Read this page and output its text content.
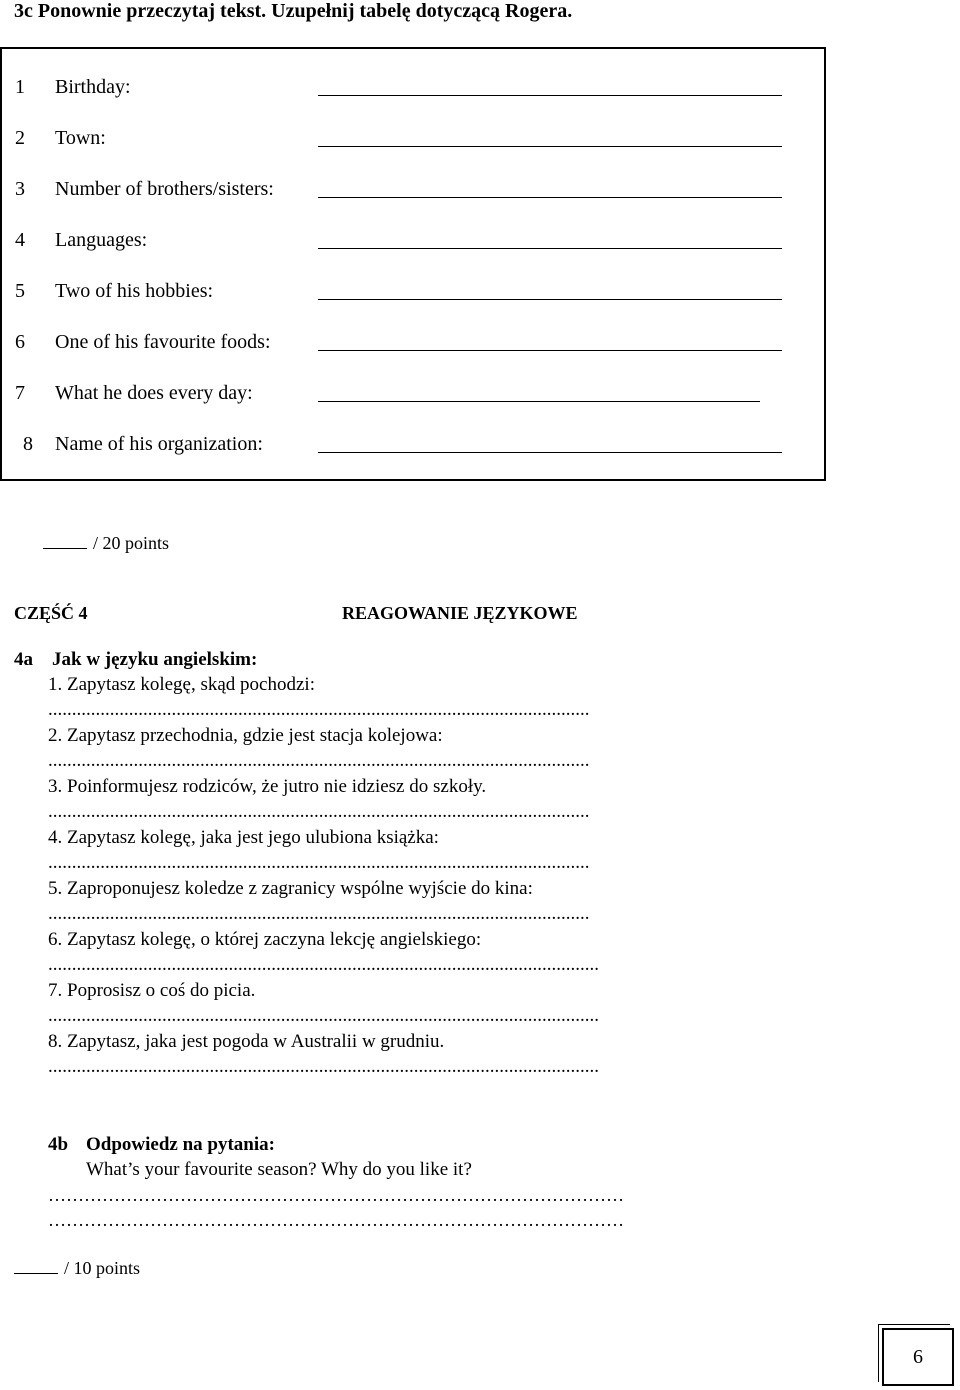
3c Ponownie przeczytaj tekst. Uzupełnij tabelę dotyczącą Rogera.
1 Birthday:
2 Town:
3 Number of brothers/sisters:
4 Languages:
5 Two of his hobbies:
6 One of his favourite foods:
7 What he does every day:
8 Name of his organization:
/ 20 points
CZĘŚĆ 4	REAGOWANIE JĘZYKOWE
4a Jak w języku angielskim:
1. Zapytasz kolegę, skąd pochodzi:
..................................................................................................................
2. Zapytasz przechodnia, gdzie jest stacja kolejowa:
..................................................................................................................
3. Poinformujesz rodziców, że jutro nie idziesz do szkoły.
..................................................................................................................
4. Zapytasz kolegę, jaka jest jego ulubiona książka:
..................................................................................................................
5. Zaproponujesz koledze z zagranicy wspólne wyjście do kina:
..................................................................................................................
6. Zapytasz kolegę, o której zaczyna lekcję angielskiego:
....................................................................................................................
7. Poprosisz o coś do picia.
....................................................................................................................
8. Zapytasz, jaka jest pogoda w Australii w grudniu.
....................................................................................................................
4b Odpowiedz na pytania:
What’s your favourite season? Why do you like it?
……………………………………………………………………………………
……………………………………………………………………………………
/ 10 points
6
